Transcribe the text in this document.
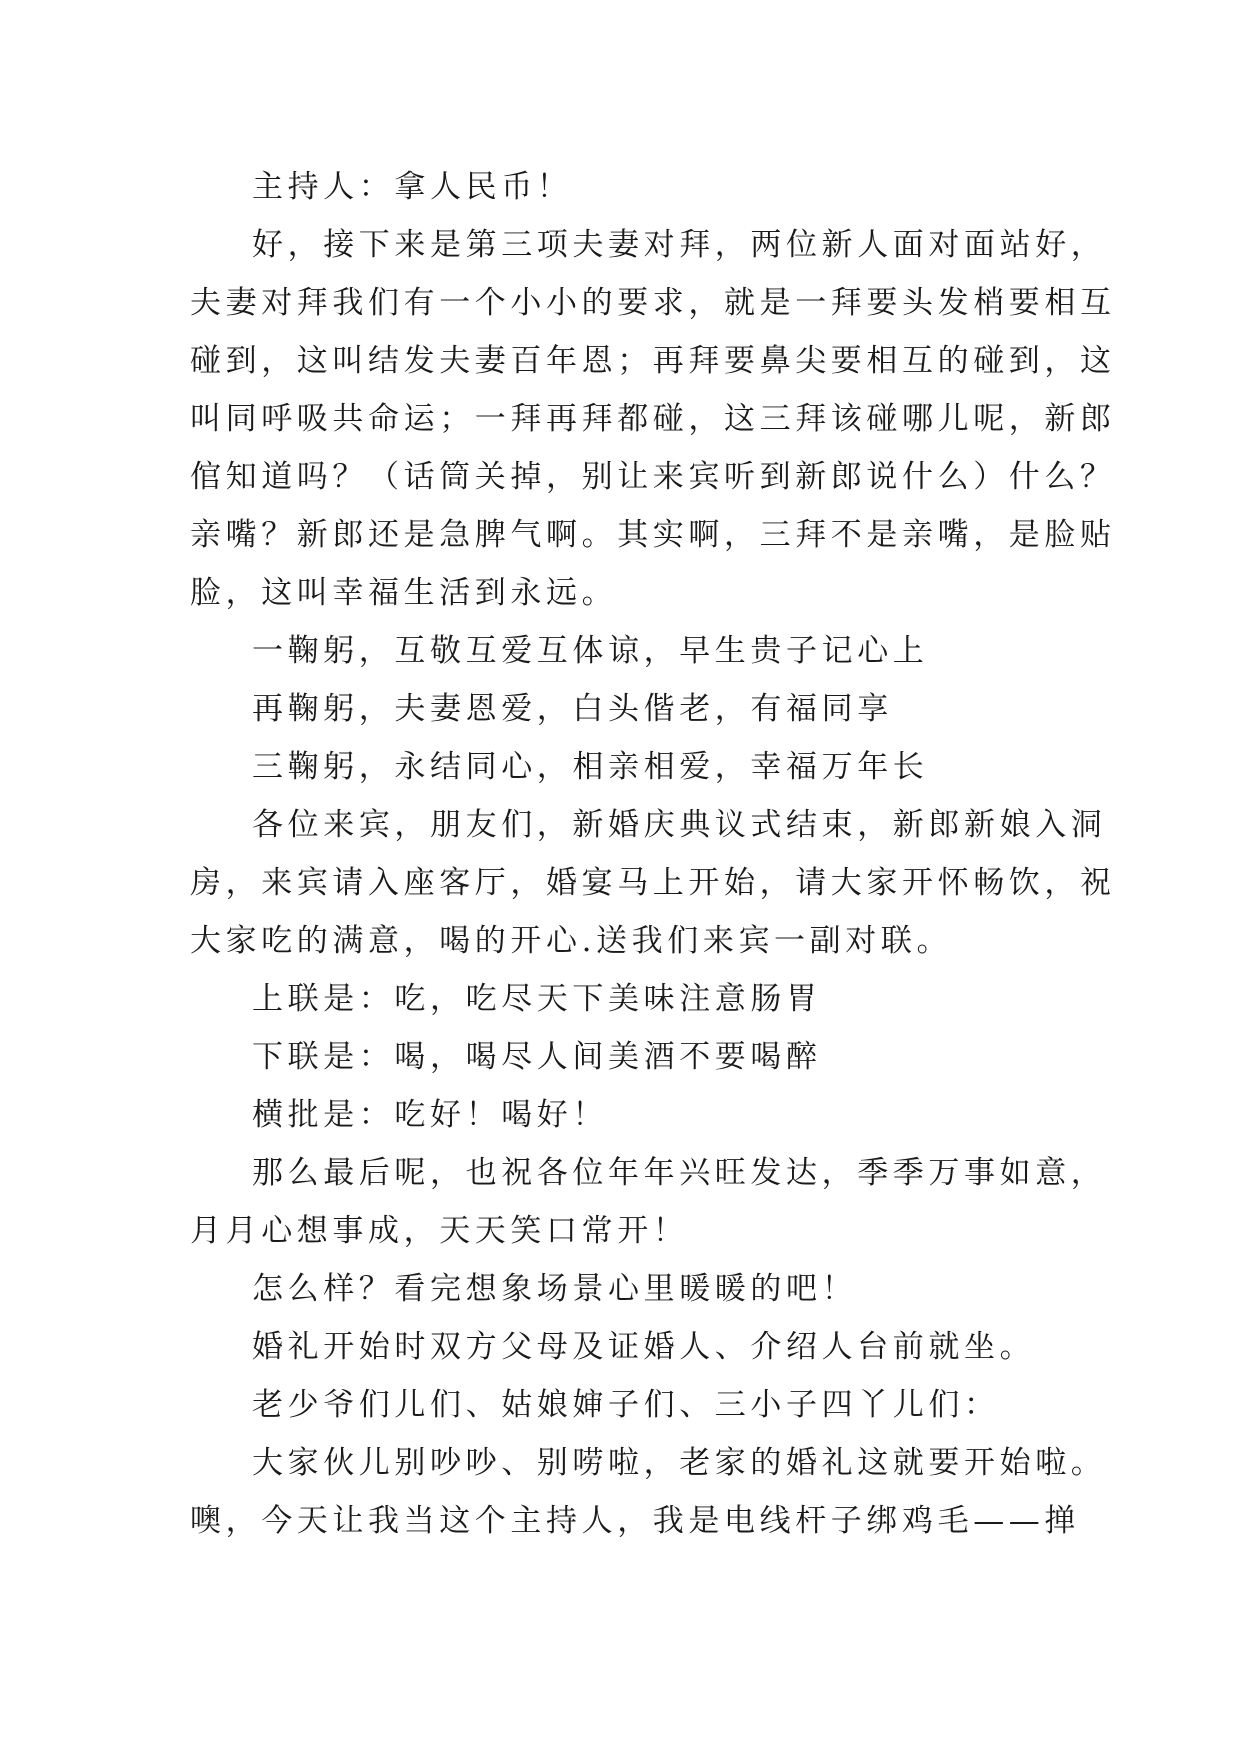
主持人：拿人民币！

好，接下来是第三项夫妻对拜，两位新人面对面站好，
夫妻对拜我们有一个小小的要求，就是一拜要头发梢要相互
碰到，这叫结发夫妻百年恩；再拜要鼻尖要相互的碰到，这
叫同呼吸共命运；一拜再拜都碰，这三拜该碰哪儿呢，新郎
倌知道吗？（话筒关掉，别让来宾听到新郎说什么）什么？
亲嘴？新郎还是急脾气啊。其实啊，三拜不是亲嘴，是脸贴
脸，这叫幸福生活到永远。

一鞠躬，互敬互爱互体谅，早生贵子记心上

再鞠躬，夫妻恩爱，白头偕老，有福同享

三鞠躬，永结同心，相亲相爱，幸福万年长

各位来宾，朋友们，新婚庆典议式结束，新郎新娘入洞
房，来宾请入座客厅，婚宴马上开始，请大家开怀畅饮，祝
大家吃的满意，喝的开心.送我们来宾一副对联。

上联是：吃，吃尽天下美味注意肠胃

下联是：喝，喝尽人间美酒不要喝醉

横批是：吃好！喝好！

那么最后呢，也祝各位年年兴旺发达，季季万事如意，
月月心想事成，天天笑口常开！

怎么样？看完想象场景心里暖暖的吧！

婚礼开始时双方父母及证婚人、介绍人台前就坐。

老少爷们儿们、姑娘婶子们、三小子四丫儿们：

大家伙儿别吵吵、别唠啦，老家的婚礼这就要开始啦。
噢，今天让我当这个主持人，我是电线杆子绑鸡毛——掸
